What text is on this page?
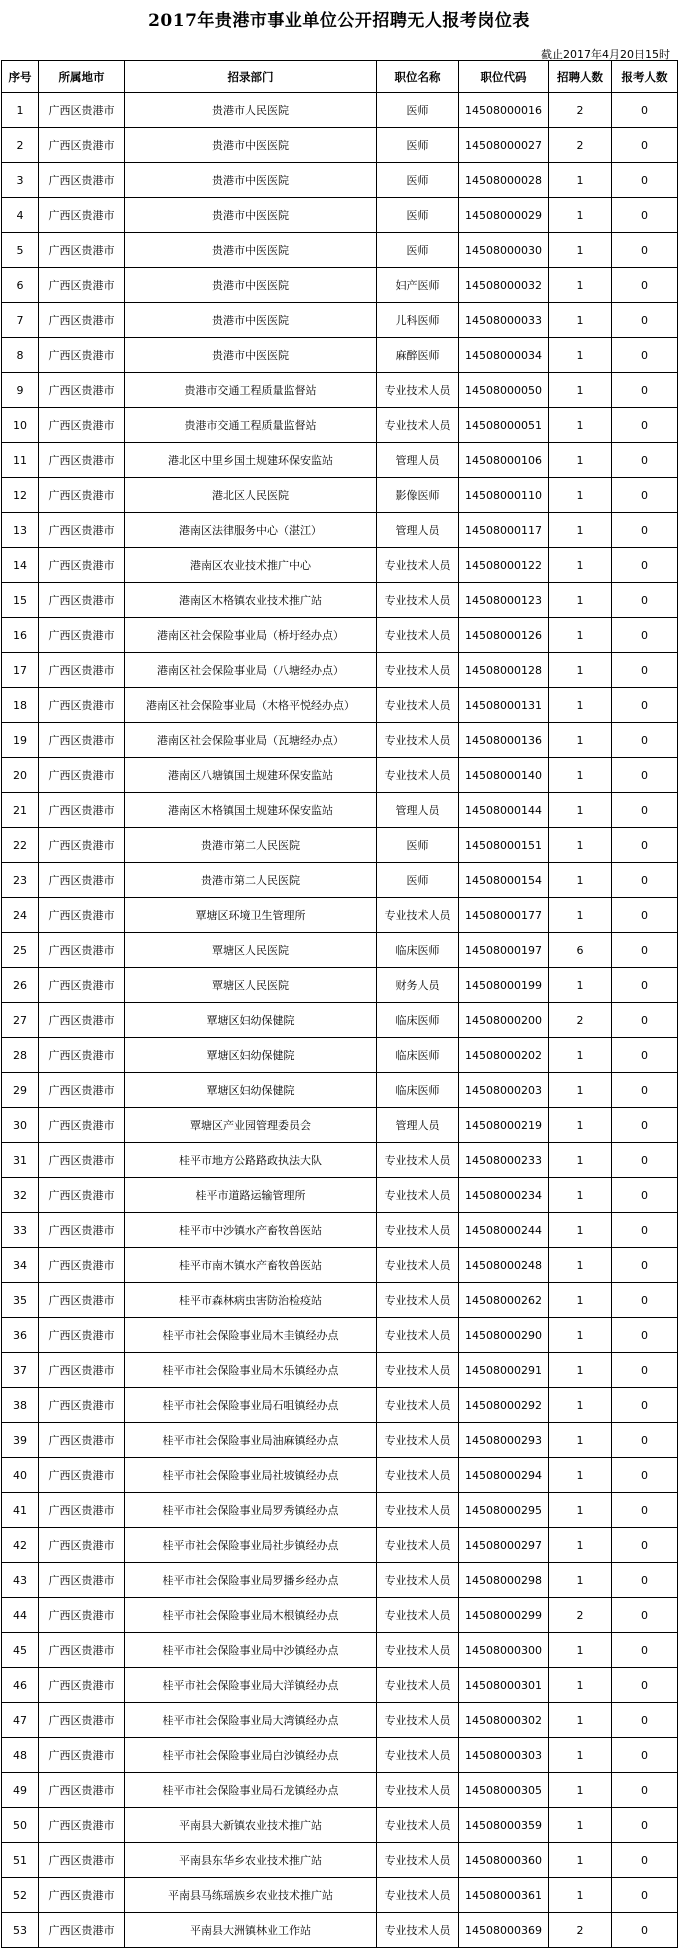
2017年贵港市事业单位公开招聘无人报考岗位表
截止2017年4月20日15时
序号	所属地市	招录部门	职位名称	职位代码	招聘人数	报考人数
1	广西区贵港市	贵港市人民医院	医师	14508000016	2	0
2	广西区贵港市	贵港市中医医院	医师	14508000027	2	0
3	广西区贵港市	贵港市中医医院	医师	14508000028	1	0
4	广西区贵港市	贵港市中医医院	医师	14508000029	1	0
5	广西区贵港市	贵港市中医医院	医师	14508000030	1	0
6	广西区贵港市	贵港市中医医院	妇产医师	14508000032	1	0
7	广西区贵港市	贵港市中医医院	儿科医师	14508000033	1	0
8	广西区贵港市	贵港市中医医院	麻醉医师	14508000034	1	0
9	广西区贵港市	贵港市交通工程质量监督站	专业技术人员	14508000050	1	0
10	广西区贵港市	贵港市交通工程质量监督站	专业技术人员	14508000051	1	0
11	广西区贵港市	港北区中里乡国土规建环保安监站	管理人员	14508000106	1	0
12	广西区贵港市	港北区人民医院	影像医师	14508000110	1	0
13	广西区贵港市	港南区法律服务中心（湛江）	管理人员	14508000117	1	0
14	广西区贵港市	港南区农业技术推广中心	专业技术人员	14508000122	1	0
15	广西区贵港市	港南区木格镇农业技术推广站	专业技术人员	14508000123	1	0
16	广西区贵港市	港南区社会保险事业局（桥圩经办点）	专业技术人员	14508000126	1	0
17	广西区贵港市	港南区社会保险事业局（八塘经办点）	专业技术人员	14508000128	1	0
18	广西区贵港市	港南区社会保险事业局（木格平悦经办点）	专业技术人员	14508000131	1	0
19	广西区贵港市	港南区社会保险事业局（瓦塘经办点）	专业技术人员	14508000136	1	0
20	广西区贵港市	港南区八塘镇国土规建环保安监站	专业技术人员	14508000140	1	0
21	广西区贵港市	港南区木格镇国土规建环保安监站	管理人员	14508000144	1	0
22	广西区贵港市	贵港市第二人民医院	医师	14508000151	1	0
23	广西区贵港市	贵港市第二人民医院	医师	14508000154	1	0
24	广西区贵港市	覃塘区环境卫生管理所	专业技术人员	14508000177	1	0
25	广西区贵港市	覃塘区人民医院	临床医师	14508000197	6	0
26	广西区贵港市	覃塘区人民医院	财务人员	14508000199	1	0
27	广西区贵港市	覃塘区妇幼保健院	临床医师	14508000200	2	0
28	广西区贵港市	覃塘区妇幼保健院	临床医师	14508000202	1	0
29	广西区贵港市	覃塘区妇幼保健院	临床医师	14508000203	1	0
30	广西区贵港市	覃塘区产业园管理委员会	管理人员	14508000219	1	0
31	广西区贵港市	桂平市地方公路路政执法大队	专业技术人员	14508000233	1	0
32	广西区贵港市	桂平市道路运输管理所	专业技术人员	14508000234	1	0
33	广西区贵港市	桂平市中沙镇水产畜牧兽医站	专业技术人员	14508000244	1	0
34	广西区贵港市	桂平市南木镇水产畜牧兽医站	专业技术人员	14508000248	1	0
35	广西区贵港市	桂平市森林病虫害防治检疫站	专业技术人员	14508000262	1	0
36	广西区贵港市	桂平市社会保险事业局木圭镇经办点	专业技术人员	14508000290	1	0
37	广西区贵港市	桂平市社会保险事业局木乐镇经办点	专业技术人员	14508000291	1	0
38	广西区贵港市	桂平市社会保险事业局石咀镇经办点	专业技术人员	14508000292	1	0
39	广西区贵港市	桂平市社会保险事业局油麻镇经办点	专业技术人员	14508000293	1	0
40	广西区贵港市	桂平市社会保险事业局社坡镇经办点	专业技术人员	14508000294	1	0
41	广西区贵港市	桂平市社会保险事业局罗秀镇经办点	专业技术人员	14508000295	1	0
42	广西区贵港市	桂平市社会保险事业局社步镇经办点	专业技术人员	14508000297	1	0
43	广西区贵港市	桂平市社会保险事业局罗播乡经办点	专业技术人员	14508000298	1	0
44	广西区贵港市	桂平市社会保险事业局木根镇经办点	专业技术人员	14508000299	2	0
45	广西区贵港市	桂平市社会保险事业局中沙镇经办点	专业技术人员	14508000300	1	0
46	广西区贵港市	桂平市社会保险事业局大洋镇经办点	专业技术人员	14508000301	1	0
47	广西区贵港市	桂平市社会保险事业局大湾镇经办点	专业技术人员	14508000302	1	0
48	广西区贵港市	桂平市社会保险事业局白沙镇经办点	专业技术人员	14508000303	1	0
49	广西区贵港市	桂平市社会保险事业局石龙镇经办点	专业技术人员	14508000305	1	0
50	广西区贵港市	平南县大新镇农业技术推广站	专业技术人员	14508000359	1	0
51	广西区贵港市	平南县东华乡农业技术推广站	专业技术人员	14508000360	1	0
52	广西区贵港市	平南县马练瑶族乡农业技术推广站	专业技术人员	14508000361	1	0
53	广西区贵港市	平南县大洲镇林业工作站	专业技术人员	14508000369	2	0
